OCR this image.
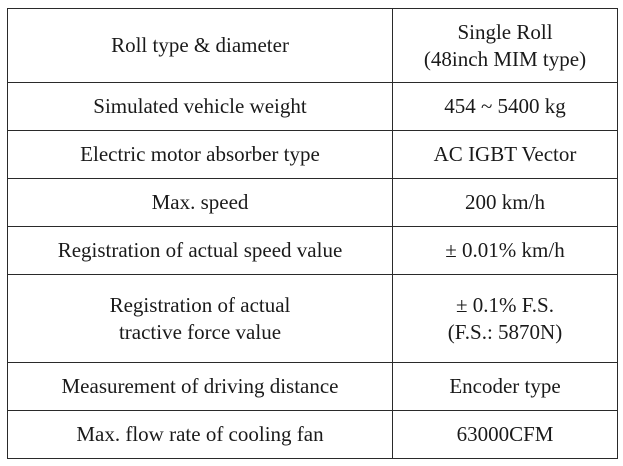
Roll type & diameter	Single Roll
(48inch MIM type)

Simulated vehicle weight	454 ~ 5400 kg

Electric motor absorber type	AC IGBT Vector

Max. speed	200 km/h

Registration of actual speed value	± 0.01% km/h

Registration of actual
tractive force value	± 0.1% F.S.
(F.S.: 5870N)

Measurement of driving distance	Encoder type

Max. flow rate of cooling fan	63000CFM
